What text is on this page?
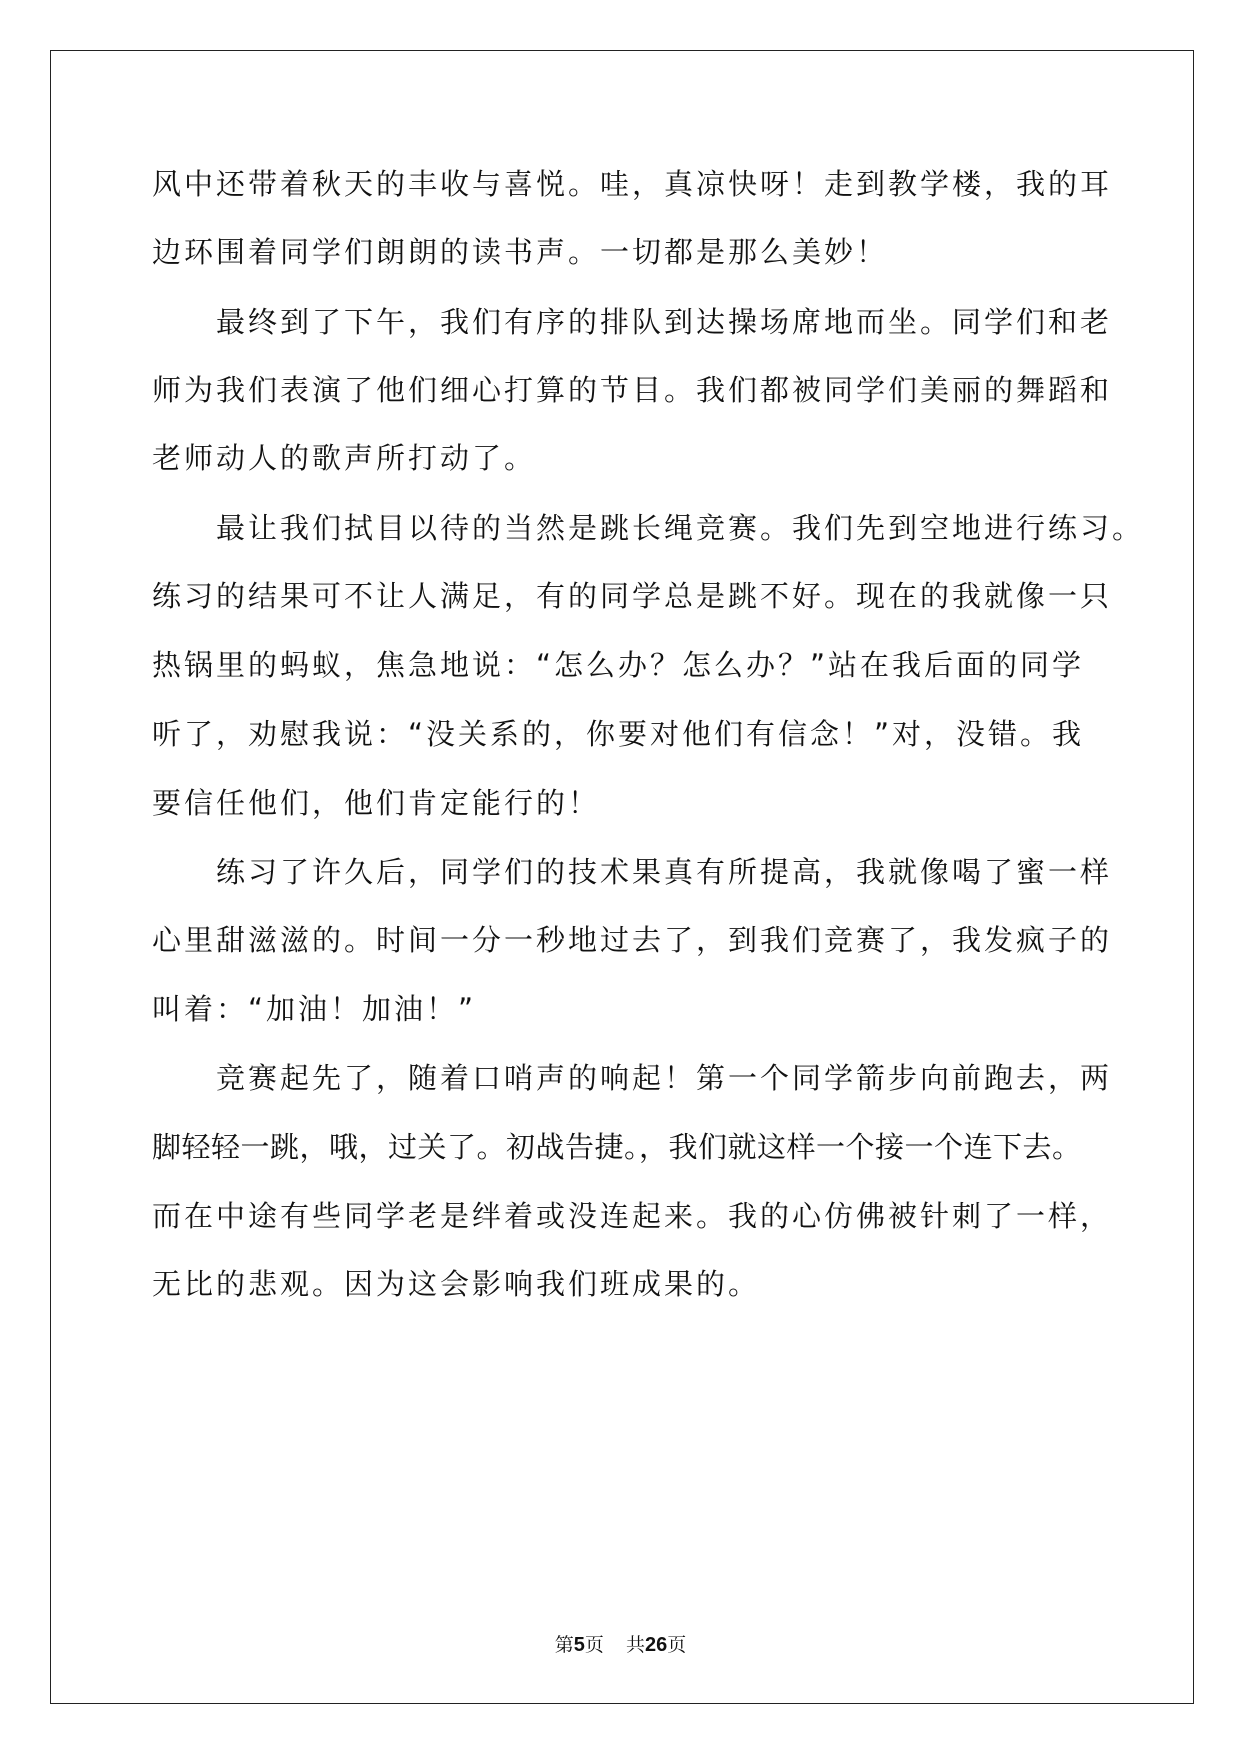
风中还带着秋天的丰收与喜悦。哇，真凉快呀！走到教学楼，我的耳
边环围着同学们朗朗的读书声。一切都是那么美妙！
最终到了下午，我们有序的排队到达操场席地而坐。同学们和老
师为我们表演了他们细心打算的节目。我们都被同学们美丽的舞蹈和
老师动人的歌声所打动了。
最让我们拭目以待的当然是跳长绳竞赛。我们先到空地进行练习。
练习的结果可不让人满足，有的同学总是跳不好。现在的我就像一只
热锅里的蚂蚁，焦急地说：“怎么办？怎么办？”站在我后面的同学
听了，劝慰我说：“没关系的，你要对他们有信念！”对，没错。我
要信任他们，他们肯定能行的！
练习了许久后，同学们的技术果真有所提高，我就像喝了蜜一样
心里甜滋滋的。时间一分一秒地过去了，到我们竞赛了，我发疯子的
叫着：“加油！加油！”
竞赛起先了，随着口哨声的响起！第一个同学箭步向前跑去，两
脚轻轻一跳，哦，过关了。初战告捷。，我们就这样一个接一个连下去。
而在中途有些同学老是绊着或没连起来。我的心仿佛被针刺了一样，
无比的悲观。因为这会影响我们班成果的。
第5页 共26页
